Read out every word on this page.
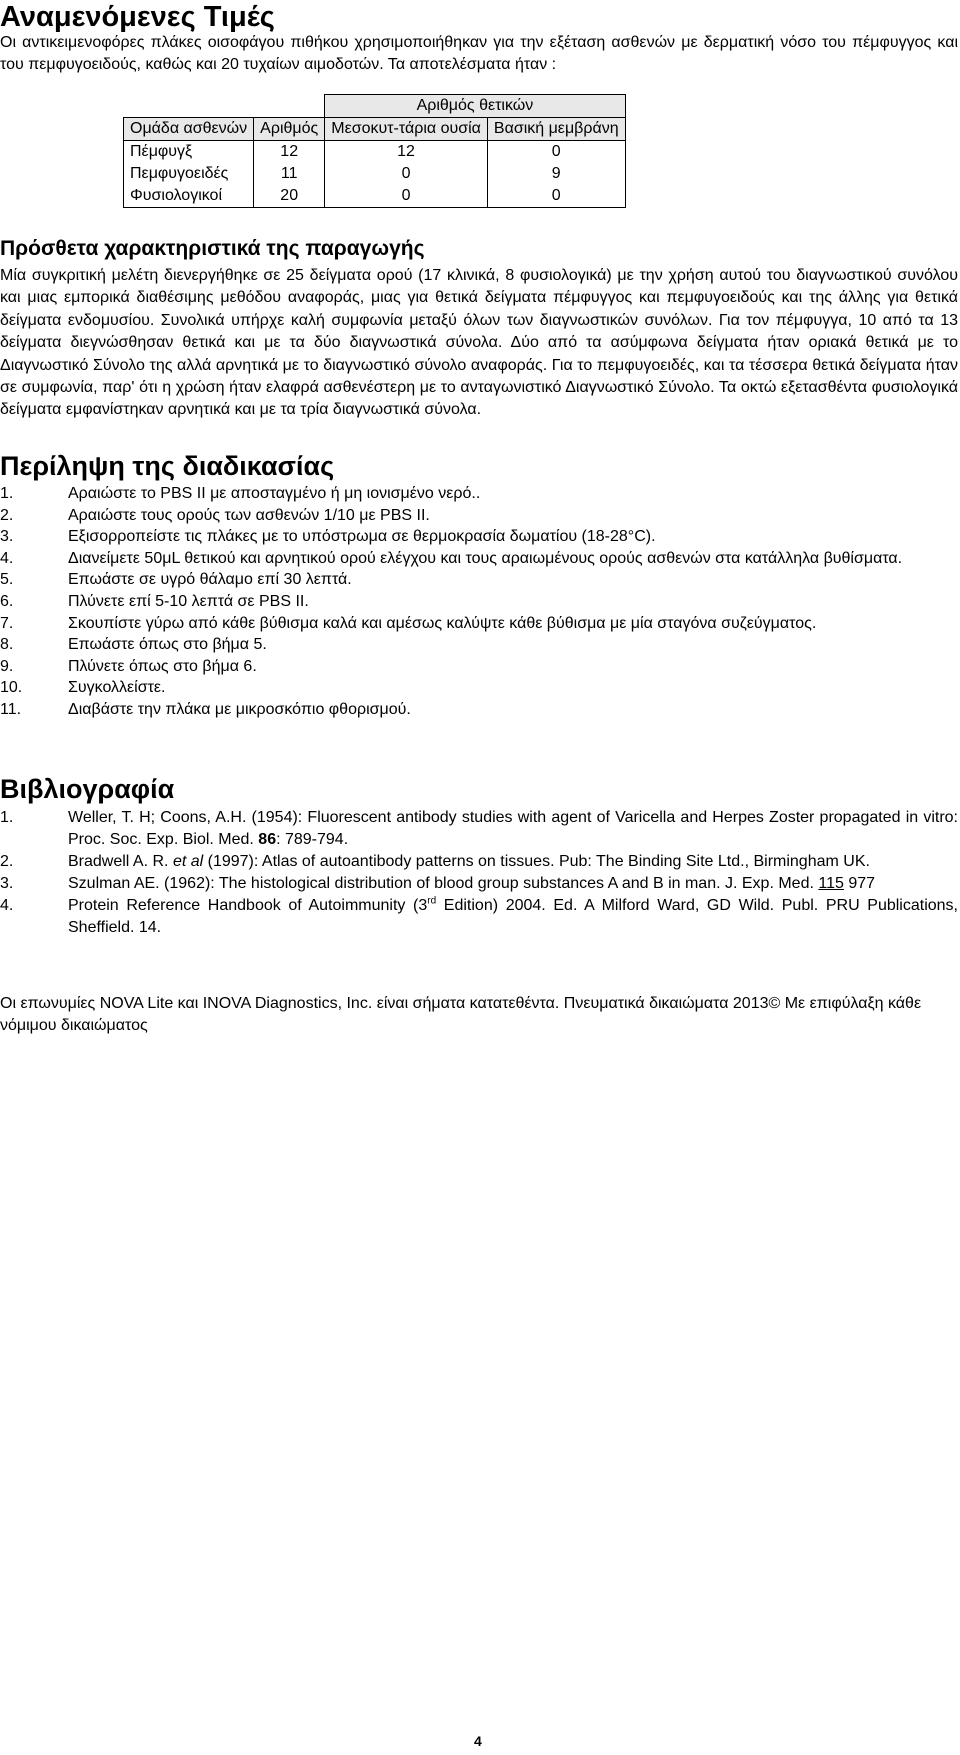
Αναμενόμενες Τιμές
Οι αντικειμενοφόρες πλάκες οισοφάγου πιθήκου χρησιμοποιήθηκαν για την εξέταση ασθενών με δερματική νόσο του πέμφυγγος και του πεμφυγοειδούς, καθώς και 20 τυχαίων αιμοδοτών. Τα αποτελέσματα ήταν :
		Αριθμός θετικών	
Ομάδα ασθενών	Αριθμός	Μεσοκυτ-τάρια ουσία	Βασική μεμβράνη
Πέμφυγξ	12	12	0
Πεμφυγοειδές	11	0	9
Φυσιολογικοί	20	0	0
Πρόσθετα χαρακτηριστικά της παραγωγής
Μία συγκριτική μελέτη διενεργήθηκε σε 25 δείγματα ορού (17 κλινικά, 8 φυσιολογικά) με την χρήση αυτού του διαγνωστικού συνόλου και μιας εμπορικά διαθέσιμης μεθόδου αναφοράς, μιας για θετικά δείγματα πέμφυγγος και πεμφυγοειδούς και της άλλης για θετικά δείγματα ενδομυσίου. Συνολικά υπήρχε καλή συμφωνία μεταξύ όλων των διαγνωστικών συνόλων. Για τον πέμφυγγα, 10 από τα 13 δείγματα διεγνώσθησαν θετικά και με τα δύο διαγνωστικά σύνολα. Δύο από τα ασύμφωνα δείγματα ήταν οριακά θετικά με το Διαγνωστικό Σύνολο της αλλά αρνητικά με το διαγνωστικό σύνολο αναφοράς. Για το πεμφυγοειδές, και τα τέσσερα θετικά δείγματα ήταν σε συμφωνία, παρ' ότι η χρώση ήταν ελαφρά ασθενέστερη με το ανταγωνιστικό Διαγνωστικό Σύνολο. Τα οκτώ εξετασθέντα φυσιολογικά δείγματα εμφανίστηκαν αρνητικά και με τα τρία διαγνωστικά σύνολα.
Περίληψη της διαδικασίας
1.	Αραιώστε το PBS II με αποσταγμένο ή μη ιονισμένο νερό..
2.	Αραιώστε τους ορούς των ασθενών 1/10 με PBS II.
3.	Εξισορροπείστε τις πλάκες με το υπόστρωμα σε θερμοκρασία δωματίου (18-28°C).
4.	Διανείμετε 50μL θετικού και αρνητικού ορού ελέγχου και τους αραιωμένους ορούς ασθενών στα κατάλληλα βυθίσματα.
5.	Επωάστε σε υγρό θάλαμο επί 30 λεπτά.
6.	Πλύνετε επί 5-10 λεπτά σε PBS II.
7.	Σκουπίστε γύρω από κάθε βύθισμα καλά και αμέσως καλύψτε κάθε βύθισμα με μία σταγόνα συζεύγματος.
8.	Επωάστε όπως στο βήμα 5.
9.	Πλύνετε όπως στο βήμα 6.
10.	Συγκολλείστε.
11.	Διαβάστε την πλάκα με μικροσκόπιο φθορισμού.
Βιβλιογραφία
1.	Weller, T. H; Coons, A.H. (1954): Fluorescent antibody studies with agent of Varicella and Herpes Zoster propagated in vitro: Proc. Soc. Exp. Biol. Med. 86: 789-794.
2.	Bradwell A. R. et al (1997): Atlas of autoantibody patterns on tissues. Pub: The Binding Site Ltd., Birmingham UK.
3.	Szulman AE. (1962): The histological distribution of blood group substances A and B in man. J. Exp. Med. 115 977
4.	Protein Reference Handbook of Autoimmunity (3rd Edition) 2004. Ed. A Milford Ward, GD Wild. Publ. PRU Publications, Sheffield. 14.
Οι επωνυμίες NOVA Lite και INOVA Diagnostics, Inc. είναι σήματα κατατεθέντα. Πνευματικά δικαιώματα 2013© Με επιφύλαξη κάθε νόμιμου δικαιώματος
4
